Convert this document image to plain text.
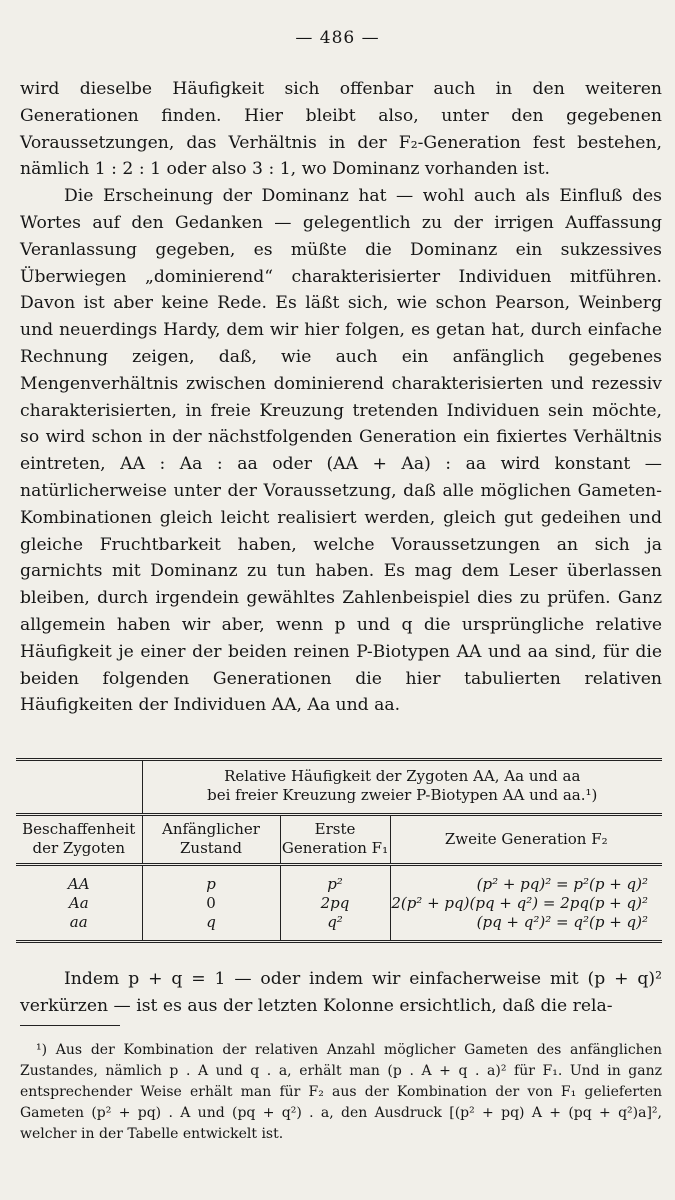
— 486 —

wird dieselbe Häufigkeit sich offenbar auch in den weiteren Generationen finden. Hier bleibt also, unter den gegebenen Voraussetzungen, das Verhältnis in der F₂-Generation fest bestehen, nämlich 1 : 2 : 1 oder also 3 : 1, wo Dominanz vorhanden ist.

Die Erscheinung der Dominanz hat — wohl auch als Einfluß des Wortes auf den Gedanken — gelegentlich zu der irrigen Auffassung Veranlassung gegeben, es müßte die Dominanz ein sukzessives Überwiegen „dominierend“ charakterisierter Individuen mitführen. Davon ist aber keine Rede. Es läßt sich, wie schon Pearson, Weinberg und neuerdings Hardy, dem wir hier folgen, es getan hat, durch einfache Rechnung zeigen, daß, wie auch ein anfänglich gegebenes Mengenverhältnis zwischen dominierend charakterisierten und rezessiv charakterisierten, in freie Kreuzung tretenden Individuen sein möchte, so wird schon in der nächstfolgenden Generation ein fixiertes Verhältnis eintreten, AA : Aa : aa oder (AA + Aa) : aa wird konstant — natürlicherweise unter der Voraussetzung, daß alle möglichen Gameten-Kombinationen gleich leicht realisiert werden, gleich gut gedeihen und gleiche Fruchtbarkeit haben, welche Voraussetzungen an sich ja garnichts mit Dominanz zu tun haben. Es mag dem Leser überlassen bleiben, durch irgendein gewähltes Zahlenbeispiel dies zu prüfen. Ganz allgemein haben wir aber, wenn p und q die ursprüngliche relative Häufigkeit je einer der beiden reinen P-Biotypen AA und aa sind, für die beiden folgenden Generationen die hier tabulierten relativen Häufigkeiten der Individuen AA, Aa und aa.

	Relative Häufigkeit der Zygoten AA, Aa und aa
bei freier Kreuzung zweier P-Biotypen AA und aa.¹)		

Beschaffenheit der Zygoten	Anfänglicher Zustand	Erste Generation F₁	Zweite Generation F₂
AA	p	p²	(p² + pq)² = p²(p + q)²
Aa	0	2pq	2(p² + pq)(pq + q²) = 2pq(p + q)²
aa	q	q²	(pq + q²)² = q²(p + q)²

Indem p + q = 1 — oder indem wir einfacherweise mit (p + q)² verkürzen — ist es aus der letzten Kolonne ersichtlich, daß die rela-

¹) Aus der Kombination der relativen Anzahl möglicher Gameten des anfänglichen Zustandes, nämlich p . A und q . a, erhält man (p . A + q . a)² für F₁. Und in ganz entsprechender Weise erhält man für F₂ aus der Kombination der von F₁ gelieferten Gameten (p² + pq) . A und (pq + q²) . a, den Ausdruck [(p² + pq) A + (pq + q²)a]², welcher in der Tabelle entwickelt ist.
